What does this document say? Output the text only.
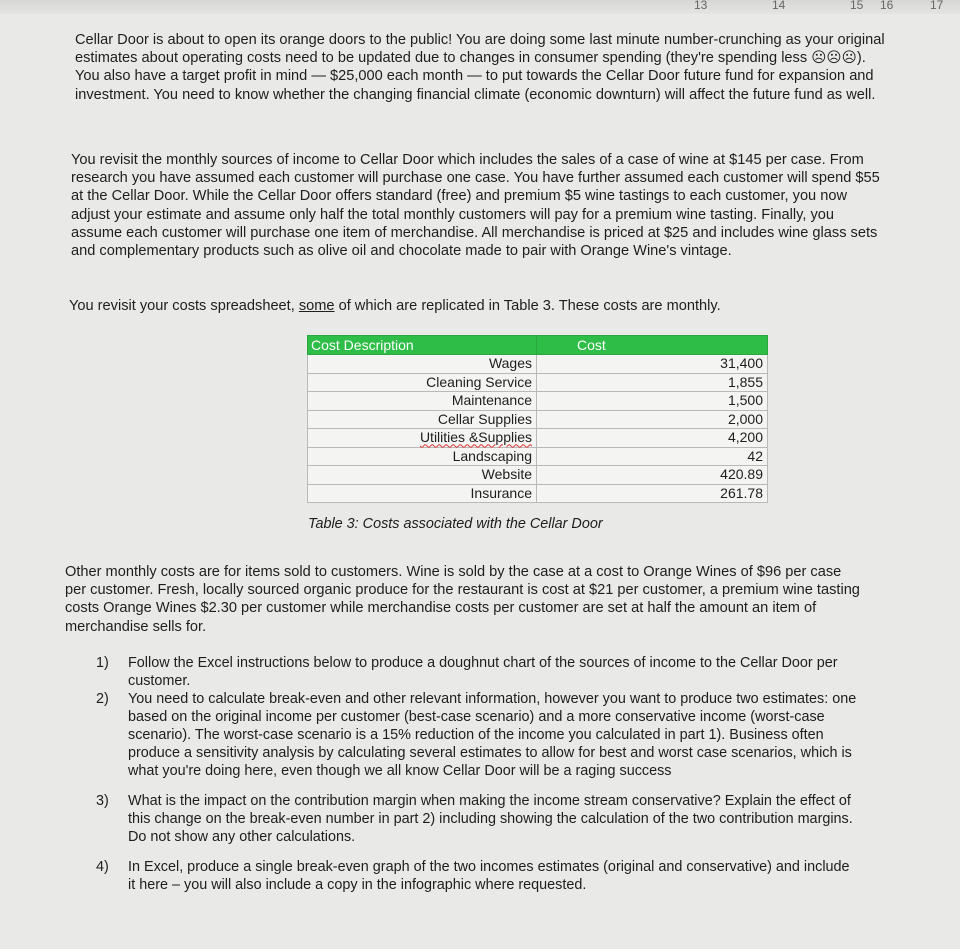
13	14	15 16	17

Cellar Door is about to open its orange doors to the public! You are doing some last minute number-crunching as your original estimates about operating costs need to be updated due to changes in consumer spending (they're spending less ☹☹☹). You also have a target profit in mind — $25,000 each month — to put towards the Cellar Door future fund for expansion and investment. You need to know whether the changing financial climate (economic downturn) will affect the future fund as well.

You revisit the monthly sources of income to Cellar Door which includes the sales of a case of wine at $145 per case. From research you have assumed each customer will purchase one case. You have further assumed each customer will spend $55 at the Cellar Door. While the Cellar Door offers standard (free) and premium $5 wine tastings to each customer, you now adjust your estimate and assume only half the total monthly customers will pay for a premium wine tasting. Finally, you assume each customer will purchase one item of merchandise. All merchandise is priced at $25 and includes wine glass sets and complementary products such as olive oil and chocolate made to pair with Orange Wine's vintage.

You revisit your costs spreadsheet, some of which are replicated in Table 3. These costs are monthly.

Cost Description	Cost
Wages	31,400
Cleaning Service	1,855
Maintenance	1,500
Cellar Supplies	2,000
Utilities &Supplies	4,200
Landscaping	42
Website	420.89
Insurance	261.78
Table 3: Costs associated with the Cellar Door

Other monthly costs are for items sold to customers. Wine is sold by the case at a cost to Orange Wines of $96 per case per customer. Fresh, locally sourced organic produce for the restaurant is cost at $21 per customer, a premium wine tasting costs Orange Wines $2.30 per customer while merchandise costs per customer are set at half the amount an item of merchandise sells for.

1) Follow the Excel instructions below to produce a doughnut chart of the sources of income to the Cellar Door per customer.
2) You need to calculate break-even and other relevant information, however you want to produce two estimates: one based on the original income per customer (best-case scenario) and a more conservative income (worst-case scenario). The worst-case scenario is a 15% reduction of the income you calculated in part 1). Business often produce a sensitivity analysis by calculating several estimates to allow for best and worst case scenarios, which is what you're doing here, even though we all know Cellar Door will be a raging success
3) What is the impact on the contribution margin when making the income stream conservative? Explain the effect of this change on the break-even number in part 2) including showing the calculation of the two contribution margins. Do not show any other calculations.
4) In Excel, produce a single break-even graph of the two incomes estimates (original and conservative) and include it here – you will also include a copy in the infographic where requested.
